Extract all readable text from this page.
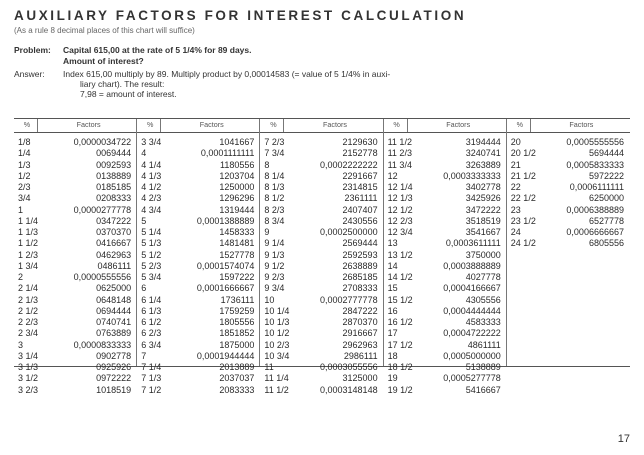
AUXILIARY FACTORS FOR INTEREST CALCULATION
(As a rule 8 decimal places of this chart will suffice)
Problem: Capital 615,00 at the rate of 5 1/4% for 89 days.
Amount of interest?
Answer: Index 615,00 multiply by 89. Multiply product by 0,00014583 (= value of 5 1/4% in auxi-
liary chart). The result:
7,98 = amount of interest.
%	Factors	%	Factors	%	Factors	%	Factors	%	Factors
1/8	0,0000034722
1/4	0069444
1/3	0092593
1/2	0138889
2/3	0185185
3/4	0208333
1	0,0000277778
1 1/4	0347222
1 1/3	0370370
1 1/2	0416667
1 2/3	0462963
1 3/4	0486111
2	0,0000555556
2 1/4	0625000
2 1/3	0648148
2 1/2	0694444
2 2/3	0740741
2 3/4	0763889
3	0,0000833333
3 1/4	0902778
3 1/3	0925926
3 1/2	0972222
3 2/3	1018519
3 3/4	1041667
4	0,0001111111
4 1/4	1180556
4 1/3	1203704
4 1/2	1250000
4 2/3	1296296
4 3/4	1319444
5	0,0001388889
5 1/4	1458333
5 1/3	1481481
5 1/2	1527778
5 2/3	0,0001574074
5 3/4	1597222
6	0,0001666667
6 1/4	1736111
6 1/3	1759259
6 1/2	1805556
6 2/3	1851852
6 3/4	1875000
7	0,0001944444
7 1/4	2013889
7 1/3	2037037
7 1/2	2083333
7 2/3	2129630
7 3/4	2152778
8	0,0002222222
8 1/4	2291667
8 1/3	2314815
8 1/2	2361111
8 2/3	2407407
8 3/4	2430556
9	0,0002500000
9 1/4	2569444
9 1/3	2592593
9 1/2	2638889
9 2/3	2685185
9 3/4	2708333
10	0,0002777778
10 1/4	2847222
10 1/3	2870370
10 1/2	2916667
10 2/3	2962963
10 3/4	2986111
11	0,0003055556
11 1/4	3125000
11 1/2	0,0003148148
11 1/2	3194444
11 2/3	3240741
11 3/4	3263889
12	0,0003333333
12 1/4	3402778
12 1/3	3425926
12 1/2	3472222
12 2/3	3518519
12 3/4	3541667
13	0,0003611111
13 1/2	3750000
14	0,0003888889
14 1/2	4027778
15	0,0004166667
15 1/2	4305556
16	0,0004444444
16 1/2	4583333
17	0,0004722222
17 1/2	4861111
18	0,0005000000
18 1/2	5138889
19	0,0005277778
19 1/2	5416667
20	0,0005555556
20 1/2	5694444
21	0,0005833333
21 1/2	5972222
22	0,0006111111
22 1/2	6250000
23	0,0006388889
23 1/2	6527778
24	0,0006666667
24 1/2	6805556
17
